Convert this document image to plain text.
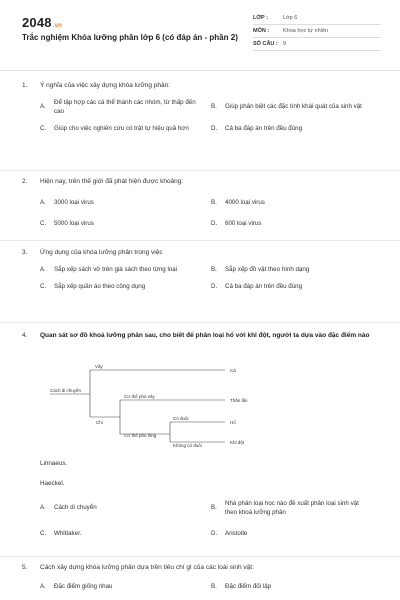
2048.vn
Trắc nghiệm Khóa lưỡng phân lớp 6 (có đáp án - phần 2)
LỚP :	Lớp 6
MÔN :	Khoa học tự nhiên
SỐ CÂU : 9
1.	Ý nghĩa của việc xây dựng khóa lưỡng phân:
A.
Để tập hợp các cá thể thành các nhóm, từ thấp đến cao
B.	Giúp phân biệt các đặc tính khái quát của sinh vật
C.	Giúp cho việc nghiên cứu có trật tự hiệu quả hơn	D.	Cả ba đáp án trên đều đúng
2.	Hiện nay, trên thế giới đã phát hiện được khoảng:
A.	3000 loại virus	B.	4000 loại virus
C.	5000 loại virus	D.	600 loại virus
3.	Ứng dụng của khóa lưỡng phân trong việc
A.	Sắp xếp sách vở trên giá sách theo từng loại	B.	Sắp xếp đồ vật theo hình dạng
C.	Sắp xếp quần áo theo công dụng	D.	Cả ba đáp án trên đều đúng
4.	Quan sát sơ đồ khoá lưỡng phân sau, cho biết để phân loại hổ với khỉ đột, người ta dựa vào đặc điểm nào
Cách di chuyển
Vây
Chi
Cá
Cơ thể phủ vảy
Thằn lằn
Có đuôi
Cơ thể phủ lông
Hổ
Không có đuôi
Khỉ đột
Linnaeus.
Haeckel.
A.	Cách di chuyển	B.
Nhà phân loại học nào đề xuất phân loại sinh vật theo khoá lưỡng phân
C.	Whittaker.	D.	Aristotle
5.	Cách xây dựng khóa lưỡng phân dựa trên tiêu chí gì của các loài sinh vật:
A.	Đặc điểm giống nhau	B.	Đặc điểm đối lập
